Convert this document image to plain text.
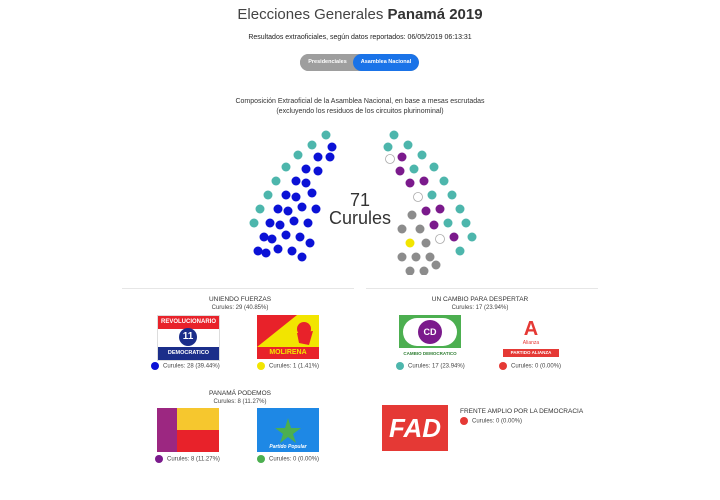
Elecciones Generales Panamá 2019
Resultados extraoficiales, según datos reportados: 06/05/2019 06:13:31
Presidenciales	Asamblea Nacional
Composición Extraoficial de la Asamblea Nacional, en base a mesas escrutadas
(excluyendo los residuos de los circuitos plurinominal)
71
Curules
UNIENDO FUERZAS
Curules: 29 (40.85%)
REVOLUCIONARIO
11
DEMOCRATICO
Curules: 28 (39.44%)
MOLIRENA
Curules: 1 (1.41%)
UN CAMBIO PARA DESPERTAR
Curules: 17 (23.94%)
CD
CAMBIO DEMOCRATICO
Curules: 17 (23.94%)
A
Alianza
PARTIDO ALIANZA
Curules: 0 (0.00%)
PANAMÁ PODEMOS
Curules: 8 (11.27%)
Curules: 8 (11.27%)
Partido Popular
Curules: 0 (0.00%)
FAD
FRENTE AMPLIO POR LA DEMOCRACIA
Curules: 0 (0.00%)
